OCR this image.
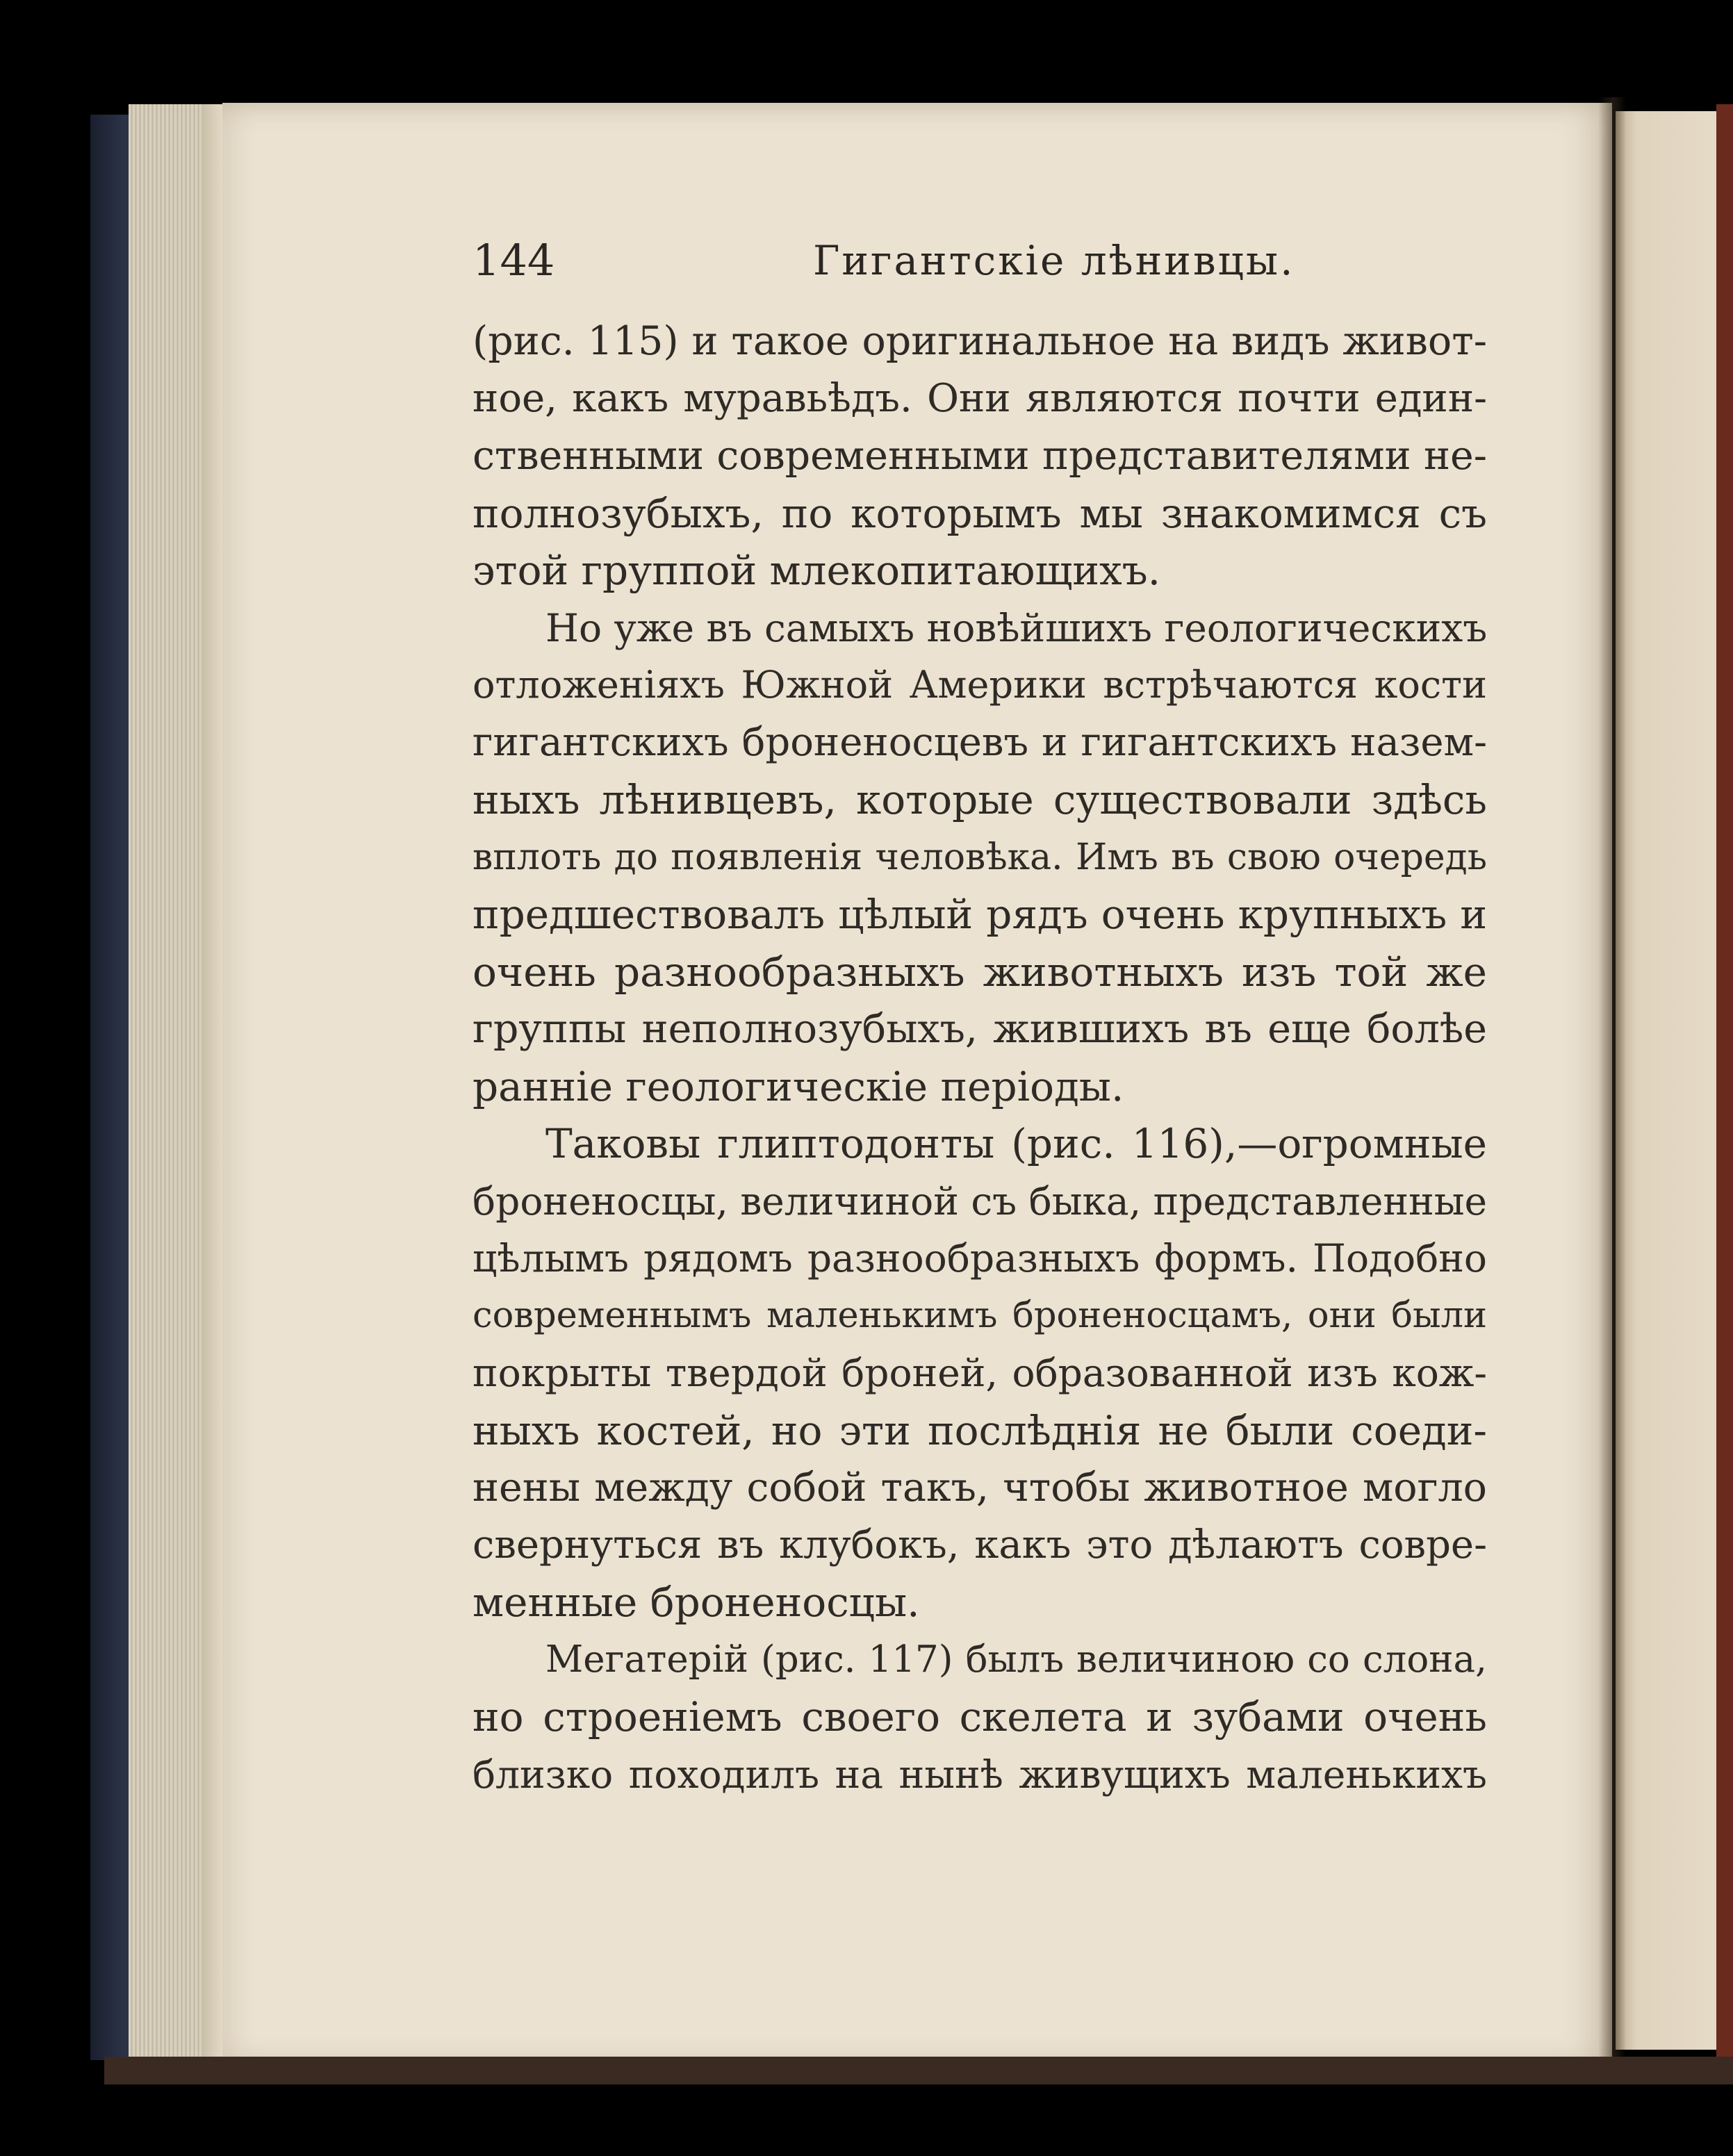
144	Гигантскіе лѣнивцы.
(рис. 115) и такое оригинальное на видъ живот-
ное, какъ муравьѣдъ. Они являются почти един-
ственными современными представителями не-
полнозубыхъ, по которымъ мы знакомимся съ
этой группой млекопитающихъ.
Но уже въ самыхъ новѣйшихъ геологическихъ
отложеніяхъ Южной Америки встрѣчаются кости
гигантскихъ броненосцевъ и гигантскихъ назем-
ныхъ лѣнивцевъ, которые существовали здѣсь
вплоть до появленія человѣка. Имъ въ свою очередь
предшествовалъ цѣлый рядъ очень крупныхъ и
очень разнообразныхъ животныхъ изъ той же
группы неполнозубыхъ, жившихъ въ еще болѣе
ранніе геологическіе періоды.
Таковы глиптодонты (рис. 116),—огромные
броненосцы, величиной съ быка, представленные
цѣлымъ рядомъ разнообразныхъ формъ. Подобно
современнымъ маленькимъ броненосцамъ, они были
покрыты твердой броней, образованной изъ кож-
ныхъ костей, но эти послѣднія не были соеди-
нены между собой такъ, чтобы животное могло
свернуться въ клубокъ, какъ это дѣлаютъ совре-
менные броненосцы.
Мегатерій (рис. 117) былъ величиною со слона,
но строеніемъ своего скелета и зубами очень
близко походилъ на нынѣ живущихъ маленькихъ
